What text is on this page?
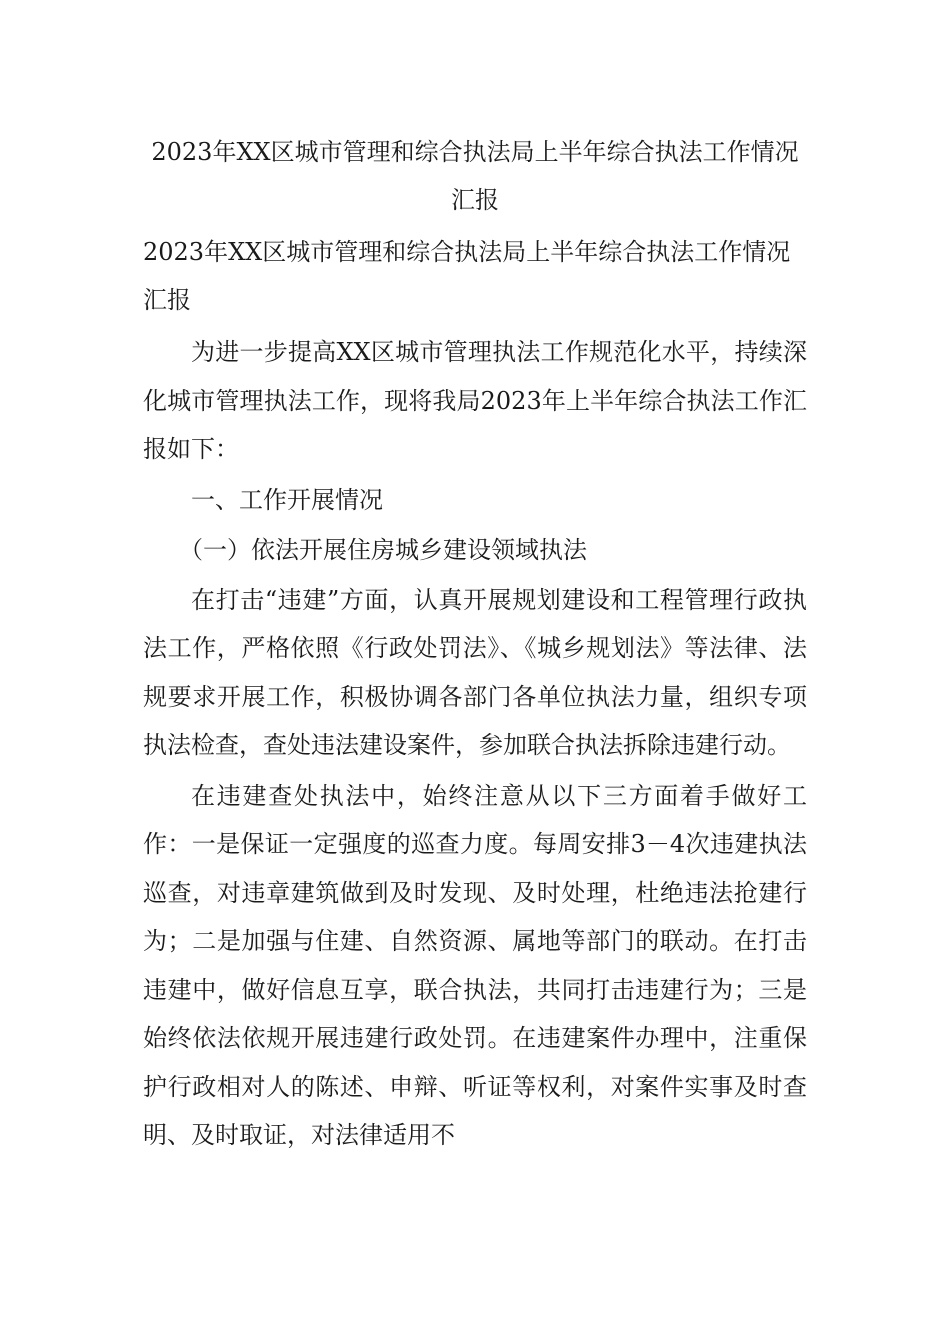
2023年XX区城市管理和综合执法局上半年综合执法工作情况汇报

2023年XX区城市管理和综合执法局上半年综合执法工作情况汇报

为进一步提高XX区城市管理执法工作规范化水平，持续深化城市管理执法工作，现将我局2023年上半年综合执法工作汇报如下：

一、工作开展情况

（一）依法开展住房城乡建设领域执法

在打击“违建”方面，认真开展规划建设和工程管理行政执法工作，严格依照《行政处罚法》、《城乡规划法》等法律、法规要求开展工作，积极协调各部门各单位执法力量，组织专项执法检查，查处违法建设案件，参加联合执法拆除违建行动。

在违建查处执法中，始终注意从以下三方面着手做好工作：一是保证一定强度的巡查力度。每周安排3－4次违建执法巡查，对违章建筑做到及时发现、及时处理，杜绝违法抢建行为；二是加强与住建、自然资源、属地等部门的联动。在打击违建中，做好信息互享，联合执法，共同打击违建行为；三是始终依法依规开展违建行政处罚。在违建案件办理中，注重保护行政相对人的陈述、申辩、听证等权利，对案件实事及时查明、及时取证，对法律适用不
